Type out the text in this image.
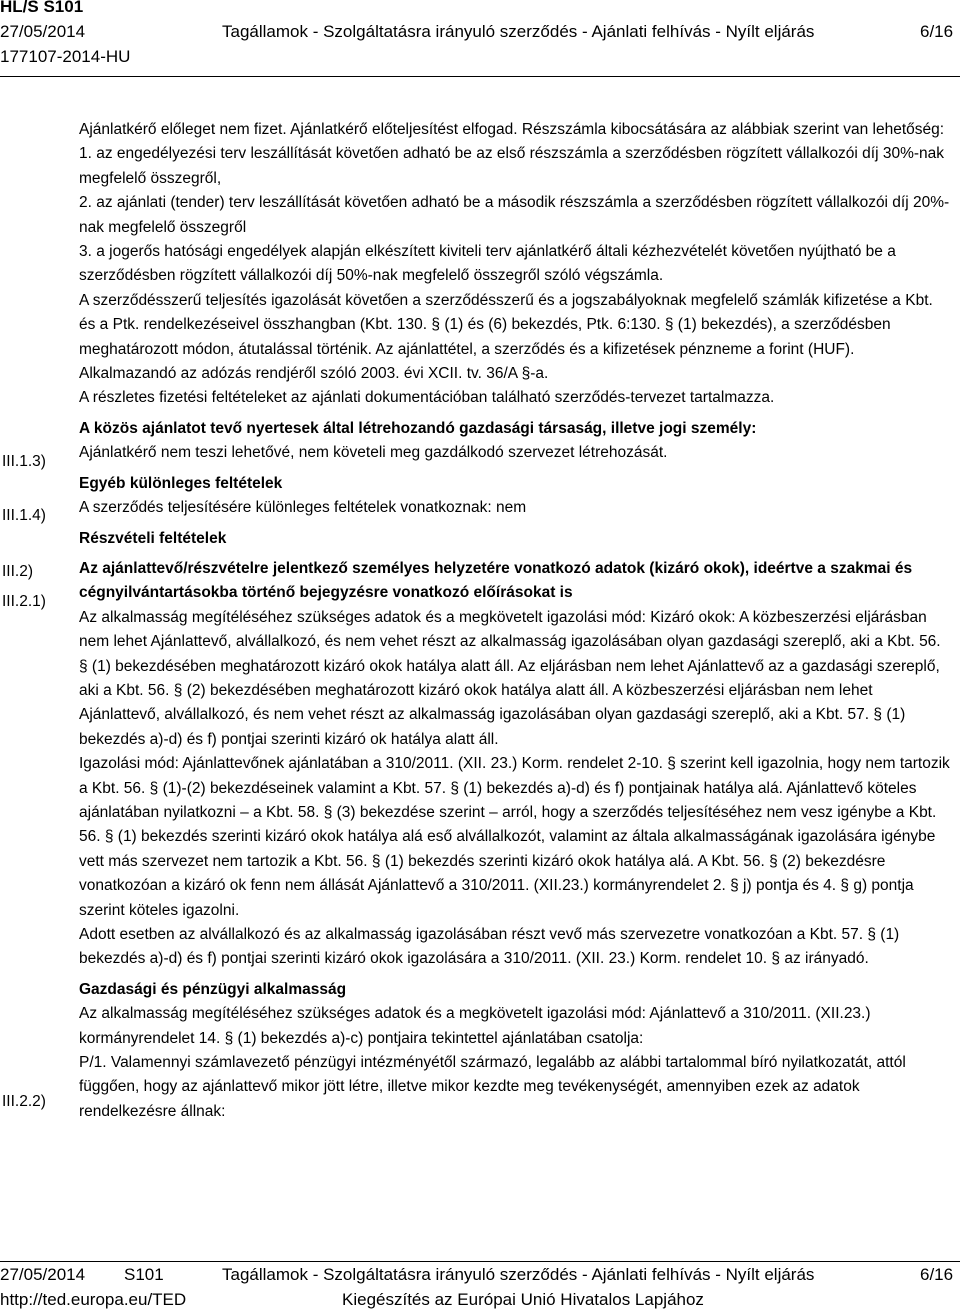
HL/S S101
27/05/2014	Tagállamok - Szolgáltatásra irányuló szerződés - Ajánlati felhívás - Nyílt eljárás	6/16
177107-2014-HU
III.1.3)
III.1.4)
III.2)
III.2.1)
III.2.2)

Ajánlatkérő előleget nem fizet. Ajánlatkérő előteljesítést elfogad. Részszámla kibocsátására az alábbiak szerint van lehetőség:

1. az engedélyezési terv leszállítását követően adható be az első részszámla a szerződésben rögzített vállalkozói díj 30%-nak megfelelő összegről,

2. az ajánlati (tender) terv leszállítását követően adható be a második részszámla a szerződésben rögzített vállalkozói díj 20%-nak megfelelő összegről

3. a jogerős hatósági engedélyek alapján elkészített kiviteli terv ajánlatkérő általi kézhezvételét követően nyújtható be a szerződésben rögzített vállalkozói díj 50%-nak megfelelő összegről szóló végszámla.

A szerződésszerű teljesítés igazolását követően a szerződésszerű és a jogszabályoknak megfelelő számlák kifizetése a Kbt. és a Ptk. rendelkezéseivel összhangban (Kbt. 130. § (1) és (6) bekezdés, Ptk. 6:130. § (1) bekezdés), a szerződésben meghatározott módon, átutalással történik. Az ajánlattétel, a szerződés és a kifizetések pénzneme a forint (HUF). Alkalmazandó az adózás rendjéről szóló 2003. évi XCII. tv. 36/A §-a.

A részletes fizetési feltételeket az ajánlati dokumentációban található szerződés-tervezet tartalmazza.

A közös ajánlatot tevő nyertesek által létrehozandó gazdasági társaság, illetve jogi személy:

Ajánlatkérő nem teszi lehetővé, nem követeli meg gazdálkodó szervezet létrehozását.

Egyéb különleges feltételek

A szerződés teljesítésére különleges feltételek vonatkoznak: nem

Részvételi feltételek

Az ajánlattevő/részvételre jelentkező személyes helyzetére vonatkozó adatok (kizáró okok), ideértve a szakmai és cégnyilvántartásokba történő bejegyzésre vonatkozó előírásokat is

Az alkalmasság megítéléséhez szükséges adatok és a megkövetelt igazolási mód: Kizáró okok: A közbeszerzési eljárásban nem lehet Ajánlattevő, alvállalkozó, és nem vehet részt az alkalmasság igazolásában olyan gazdasági szereplő, aki a Kbt. 56. § (1) bekezdésében meghatározott kizáró okok hatálya alatt áll. Az eljárásban nem lehet Ajánlattevő az a gazdasági szereplő, aki a Kbt. 56. § (2) bekezdésében meghatározott kizáró okok hatálya alatt áll. A közbeszerzési eljárásban nem lehet Ajánlattevő, alvállalkozó, és nem vehet részt az alkalmasság igazolásában olyan gazdasági szereplő, aki a Kbt. 57. § (1) bekezdés a)-d) és f) pontjai szerinti kizáró ok hatálya alatt áll.

Igazolási mód: Ajánlattevőnek ajánlatában a 310/2011. (XII. 23.) Korm. rendelet 2-10. § szerint kell igazolnia, hogy nem tartozik a Kbt. 56. § (1)-(2) bekezdéseinek valamint a Kbt. 57. § (1) bekezdés a)-d) és f) pontjainak hatálya alá. Ajánlattevő köteles ajánlatában nyilatkozni – a Kbt. 58. § (3) bekezdése szerint – arról, hogy a szerződés teljesítéséhez nem vesz igénybe a Kbt. 56. § (1) bekezdés szerinti kizáró okok hatálya alá eső alvállalkozót, valamint az általa alkalmasságának igazolására igénybe vett más szervezet nem tartozik a Kbt. 56. § (1) bekezdés szerinti kizáró okok hatálya alá. A Kbt. 56. § (2) bekezdésre vonatkozóan a kizáró ok fenn nem állását Ajánlattevő a 310/2011. (XII.23.) kormányrendelet 2. § j) pontja és 4. § g) pontja szerint köteles igazolni.

Adott esetben az alvállalkozó és az alkalmasság igazolásában részt vevő más szervezetre vonatkozóan a Kbt. 57. § (1) bekezdés a)-d) és f) pontjai szerinti kizáró okok igazolására a 310/2011. (XII. 23.) Korm. rendelet 10. § az irányadó.

Gazdasági és pénzügyi alkalmasság

Az alkalmasság megítéléséhez szükséges adatok és a megkövetelt igazolási mód: Ajánlattevő a 310/2011. (XII.23.) kormányrendelet 14. § (1) bekezdés a)-c) pontjaira tekintettel ajánlatában csatolja:

P/1. Valamennyi számlavezető pénzügyi intézményétől származó, legalább az alábbi tartalommal bíró nyilatkozatát, attól függően, hogy az ajánlattevő mikor jött létre, illetve mikor kezdte meg tevékenységét, amennyiben ezek az adatok rendelkezésre állnak:

27/05/2014 S101	Tagállamok - Szolgáltatásra irányuló szerződés - Ajánlati felhívás - Nyílt eljárás	6/16
http://ted.europa.eu/TED	Kiegészítés az Európai Unió Hivatalos Lapjához
